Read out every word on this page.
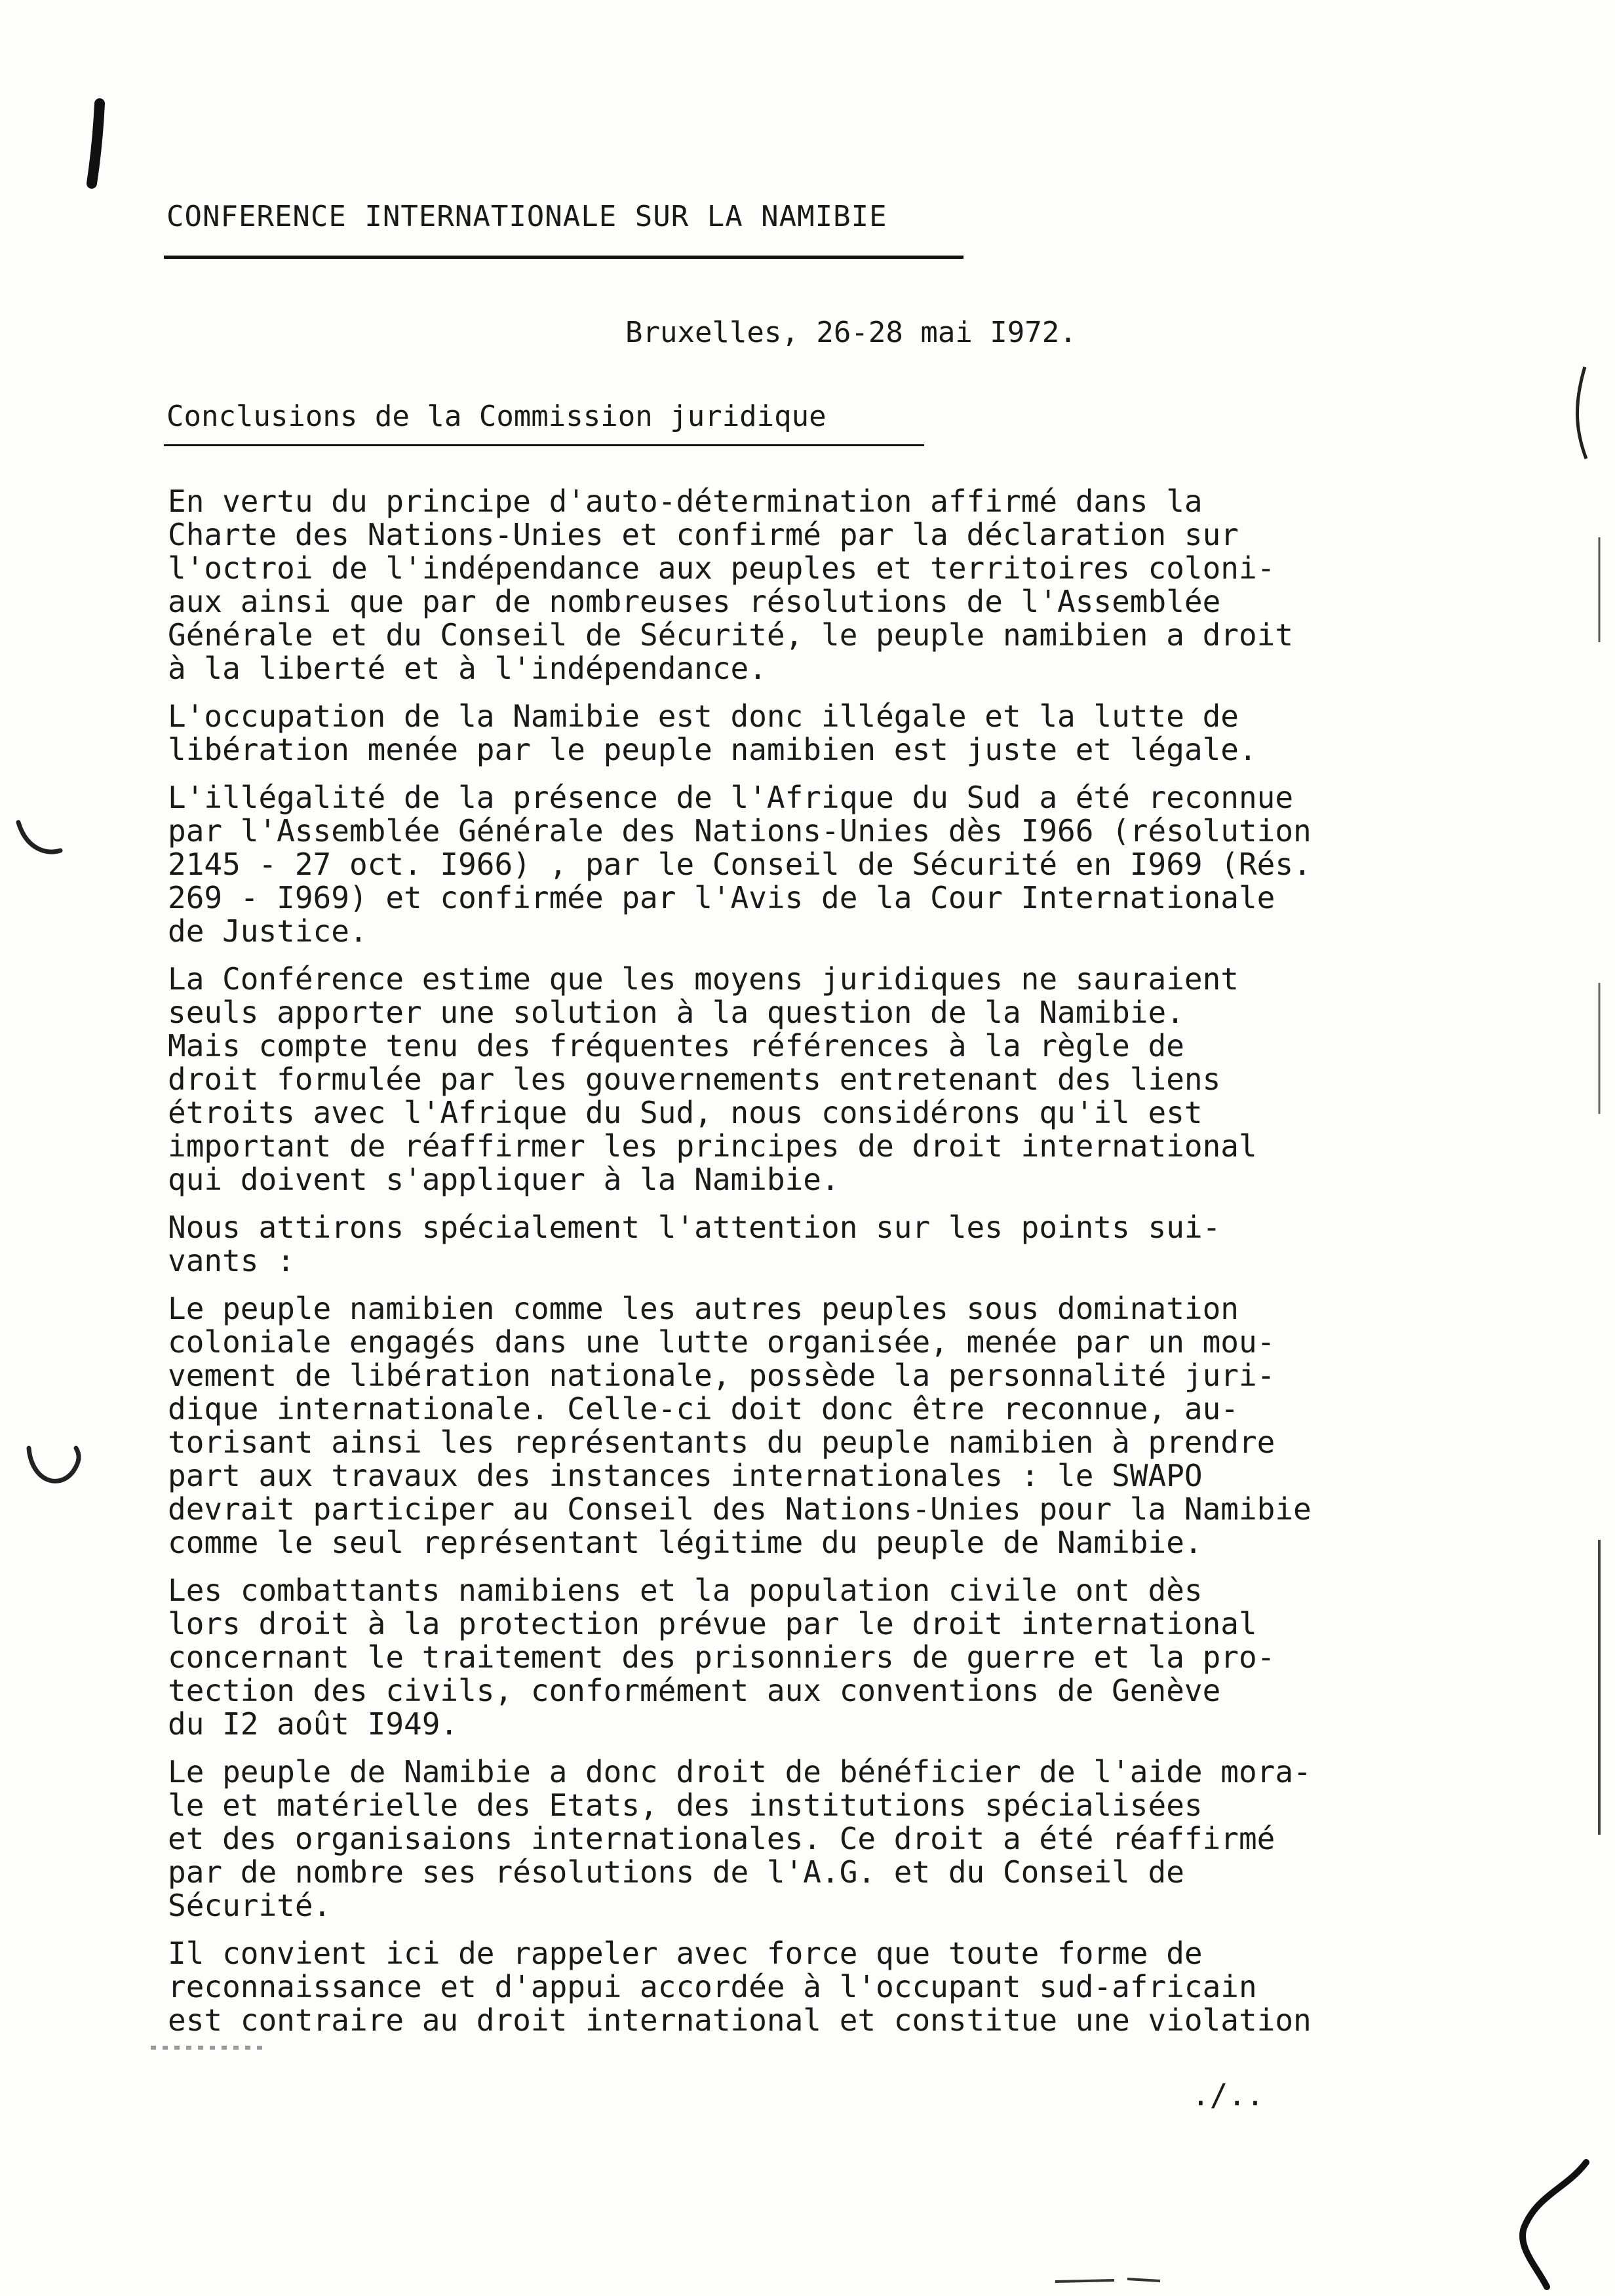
CONFERENCE INTERNATIONALE SUR LA NAMIBIE
Bruxelles, 26-28 mai I972.
Conclusions de la Commission juridique
En vertu du principe d'auto-détermination affirmé dans la
Charte des Nations-Unies et confirmé par la déclaration sur
l'octroi de l'indépendance aux peuples et territoires coloni-
aux ainsi que par de nombreuses résolutions de l'Assemblée
Générale et du Conseil de Sécurité, le peuple namibien a droit
à la liberté et à l'indépendance.
L'occupation de la Namibie est donc illégale et la lutte de
libération menée par le peuple namibien est juste et légale.
L'illégalité de la présence de l'Afrique du Sud a été reconnue
par l'Assemblée Générale des Nations-Unies dès I966 (résolution
2145 - 27 oct. I966) , par le Conseil de Sécurité en I969 (Rés.
269 - I969) et confirmée par l'Avis de la Cour Internationale
de Justice.
La Conférence estime que les moyens juridiques ne sauraient
seuls apporter une solution à la question de la Namibie.
Mais compte tenu des fréquentes références à la règle de
droit formulée par les gouvernements entretenant des liens
étroits avec l'Afrique du Sud, nous considérons qu'il est
important de réaffirmer les principes de droit international
qui doivent s'appliquer à la Namibie.
Nous attirons spécialement l'attention sur les points sui-
vants :
Le peuple namibien comme les autres peuples sous domination
coloniale engagés dans une lutte organisée, menée par un mou-
vement de libération nationale, possède la personnalité juri-
dique internationale. Celle-ci doit donc être reconnue, au-
torisant ainsi les représentants du peuple namibien à prendre
part aux travaux des instances internationales : le SWAPO
devrait participer au Conseil des Nations-Unies pour la Namibie
comme le seul représentant légitime du peuple de Namibie.
Les combattants namibiens et la population civile ont dès
lors droit à la protection prévue par le droit international
concernant le traitement des prisonniers de guerre et la pro-
tection des civils, conformément aux conventions de Genève
du I2 août I949.
Le peuple de Namibie a donc droit de bénéficier de l'aide mora-
le et matérielle des Etats, des institutions spécialisées
et des organisaions internationales. Ce droit a été réaffirmé
par de nombre ses résolutions de l'A.G. et du Conseil de
Sécurité.
Il convient ici de rappeler avec force que toute forme de
reconnaissance et d'appui accordée à l'occupant sud-africain
est contraire au droit international et constitue une violation
./..
